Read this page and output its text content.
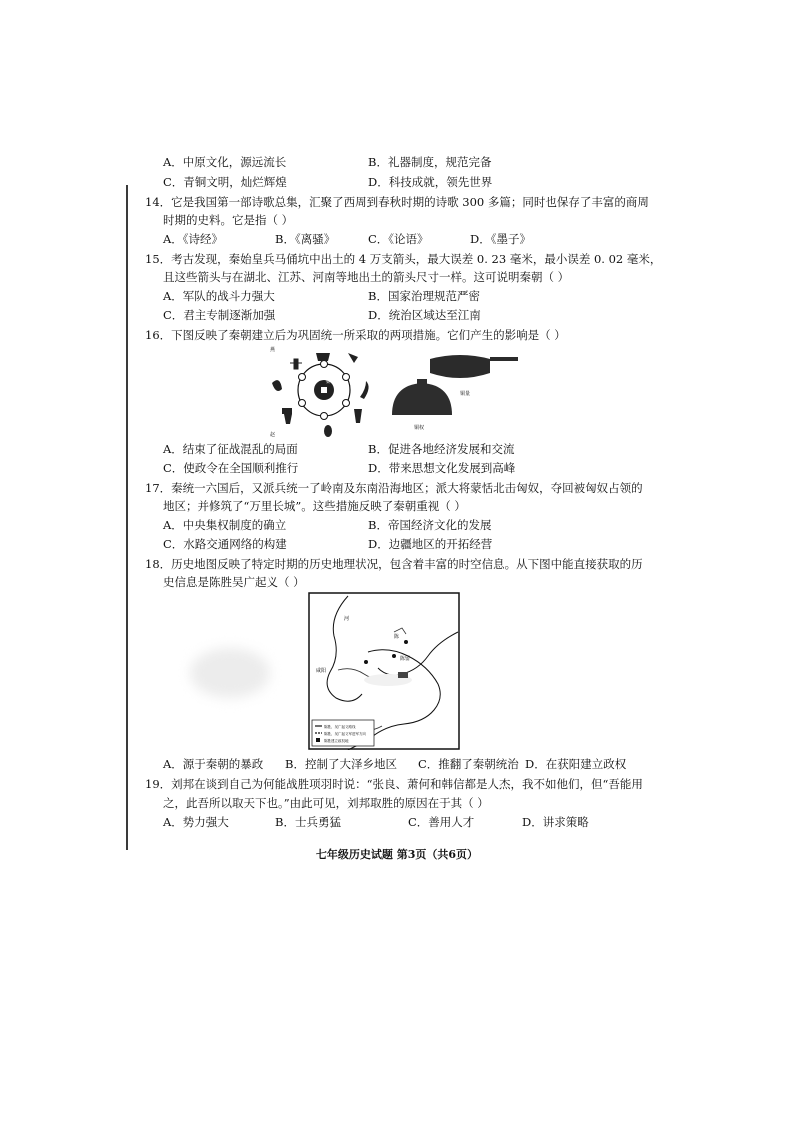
A．中原文化，源远流长	B．礼器制度，规范完备
C．青铜文明，灿烂辉煌	D．科技成就，领先世界
14．它是我国第一部诗歌总集，汇聚了西周到春秋时期的诗歌 300 多篇；同时也保存了丰富的商周
时期的史料。它是指（ ）
A．《诗经》	B．《离骚》	C．《论语》	D．《墨子》
15．考古发现，秦始皇兵马俑坑中出土的 4 万支箭头，最大误差 0. 23 毫米，最小误差 0. 02 毫米，
且这些箭头与在湖北、江苏、河南等地出土的箭头尺寸一样。这可说明秦朝（ ）
A．军队的战斗力强大	B．国家治理规范严密
C．君主专制逐渐加强	D．统治区域达至江南
16．下图反映了秦朝建立后为巩固统一所采取的两项措施。它们产生的影响是（ ）
秦
燕
赵
铜量
铜权
A．结束了征战混乱的局面	B．促进各地经济发展和交流
C．使政令在全国顺利推行	D．带来思想文化发展到高峰
17．秦统一六国后，又派兵统一了岭南及东南沿海地区；派大将蒙恬北击匈奴，夺回被匈奴占领的
地区；并修筑了“万里长城”。这些措施反映了秦朝重视（ ）
A．中央集权制度的确立	B．帝国经济文化的发展
C．水路交通网络的构建	D．边疆地区的开拓经营
18．历史地图反映了特定时期的历史地理状况，包含着丰富的时空信息。从下图中能直接获取的历
史信息是陈胜吴广起义（ ）
河
咸阳
陈
陈留
陈胜、吴广起义路线
陈胜、吴广起义军进军方向
陈胜建立政权地
A．源于秦朝的暴政 B．控制了大泽乡地区 C．推翻了秦朝统治 D．在获阳建立政权
19．刘邦在谈到自己为何能战胜项羽时说：“张良、萧何和韩信都是人杰，我不如他们，但“吾能用
之，此吾所以取天下也。”由此可见，刘邦取胜的原因在于其（ ）
A．势力强大	B．士兵勇猛	C．善用人才	D．讲求策略
七年级历史试题 第3页（共6页）
